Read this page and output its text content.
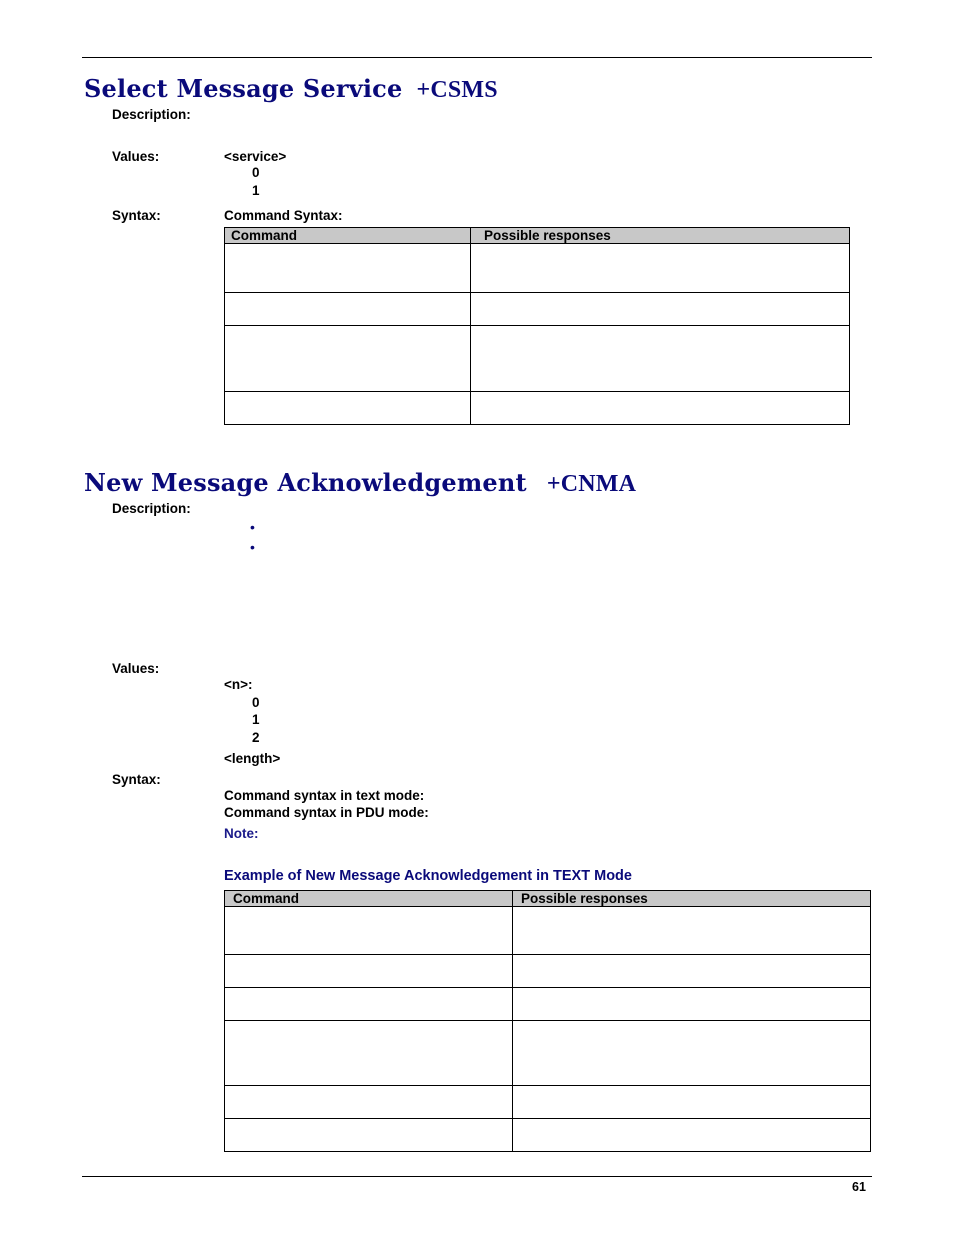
Select Message Service +CSMS
Description:
Values:	<service>
0
1
Syntax:	Command Syntax:
Command	Possible responses

New Message Acknowledgement +CNMA
Description:
•
•
Values:
<n>:
0
1
2
<length>
Syntax:
Command syntax in text mode:
Command syntax in PDU mode:
Note:
Example of New Message Acknowledgement in TEXT Mode
Command	Possible responses

61
